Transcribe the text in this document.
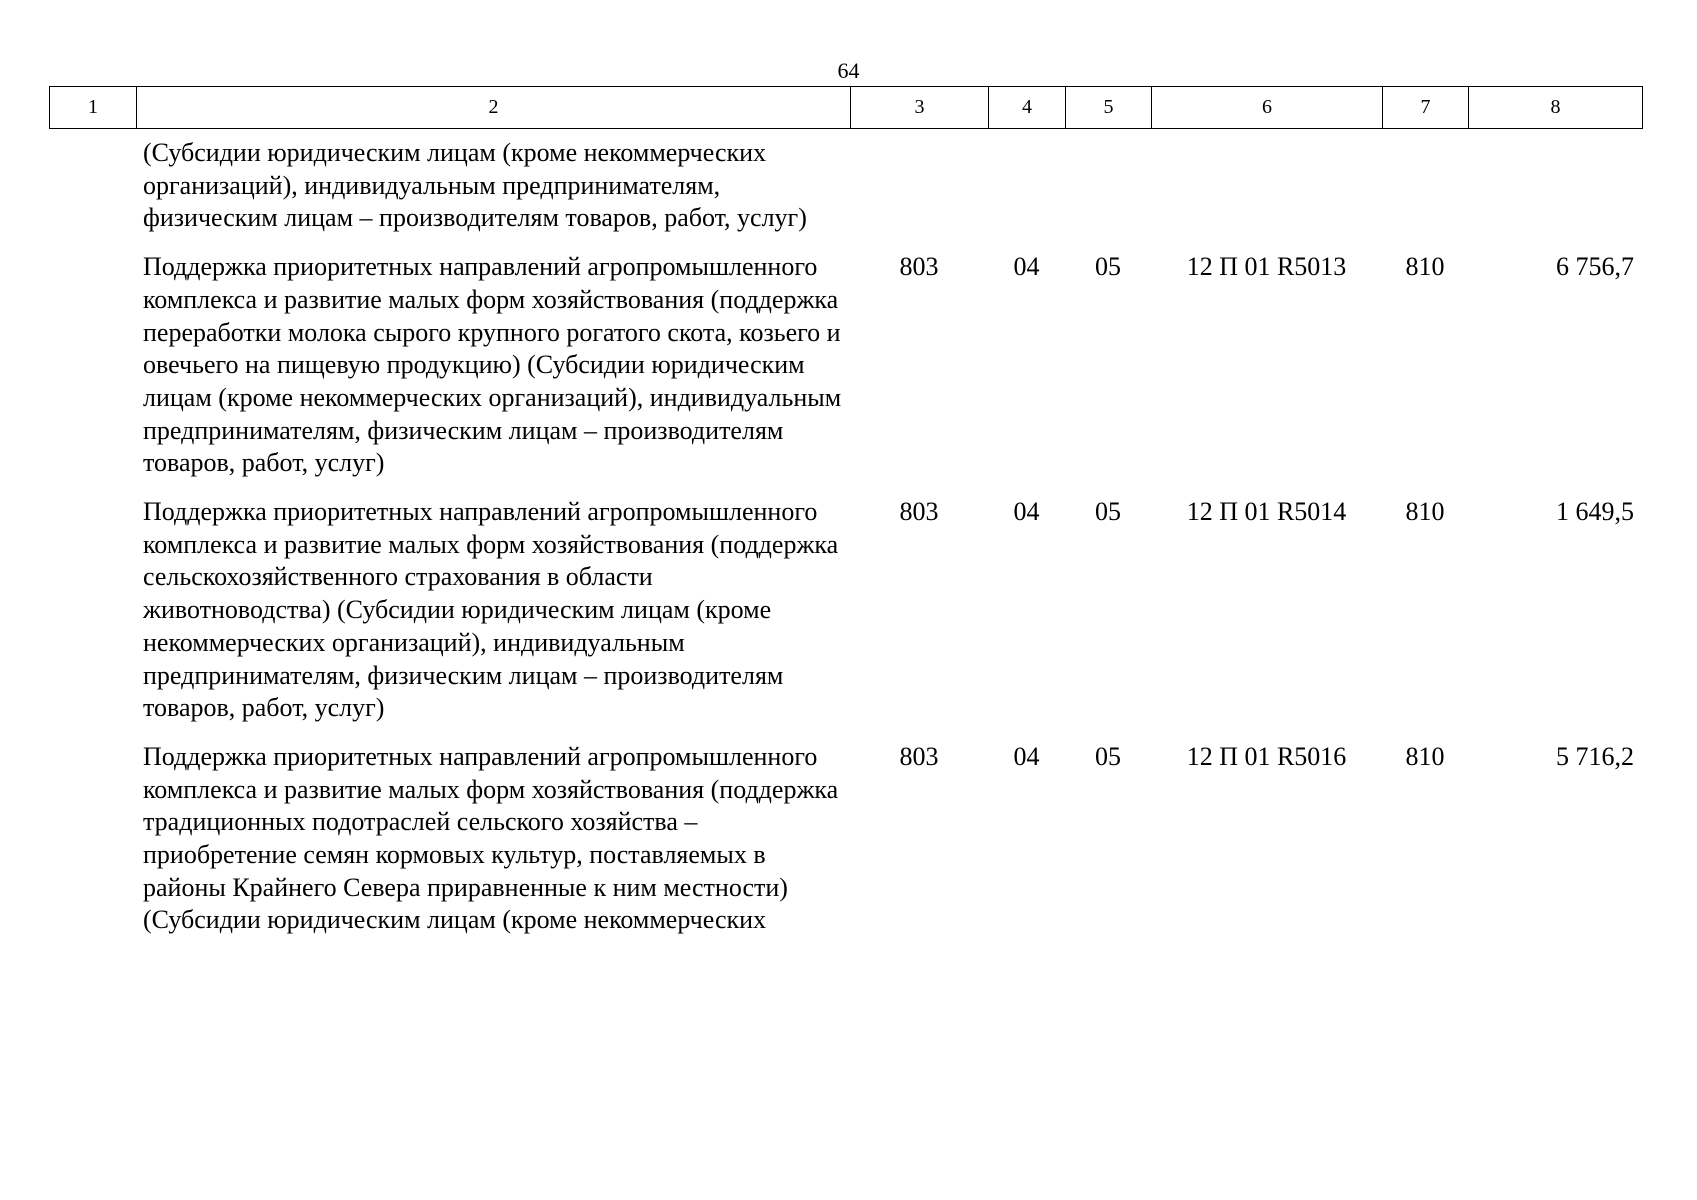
64
1	2	3	4	5	6	7	8
(Субсидии юридическим лицам (кроме некоммерческих организаций), индивидуальным предпринимателям, физическим лицам – производителям товаров, работ, услуг)						
Поддержка приоритетных направлений агропромышленного комплекса и развитие малых форм хозяйствования (поддержка переработки молока сырого крупного рогатого скота, козьего и овечьего на пищевую продукцию) (Субсидии юридическим лицам (кроме некоммерческих организаций), индивидуальным предпринимателям, физическим лицам – производителям товаров, работ, услуг)	803	04	05	12 П 01 R5013	810	6 756,7
Поддержка приоритетных направлений агропромышленного комплекса и развитие малых форм хозяйствования (поддержка сельскохозяйственного страхования в области животноводства) (Субсидии юридическим лицам (кроме некоммерческих организаций), индивидуальным предпринимателям, физическим лицам – производителям товаров, работ, услуг)	803	04	05	12 П 01 R5014	810	1 649,5
Поддержка приоритетных направлений агропромышленного комплекса и развитие малых форм хозяйствования (поддержка традиционных подотраслей сельского хозяйства – приобретение семян кормовых культур, поставляемых в районы Крайнего Севера приравненные к ним местности) (Субсидии юридическим лицам (кроме некоммерческих	803	04	05	12 П 01 R5016	810	5 716,2
